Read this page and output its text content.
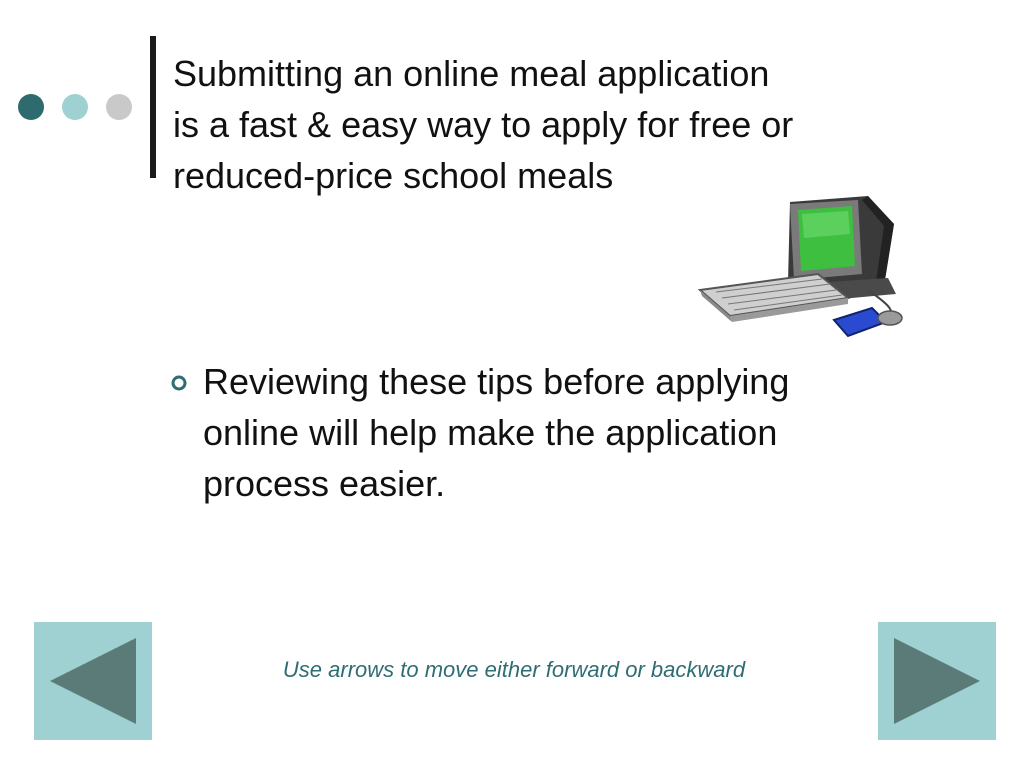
Submitting an online meal application
is a fast & easy way to apply for free or
reduced-price school meals
Reviewing these tips before applying
online will help make the application
process easier.
Use arrows to move either forward or backward
